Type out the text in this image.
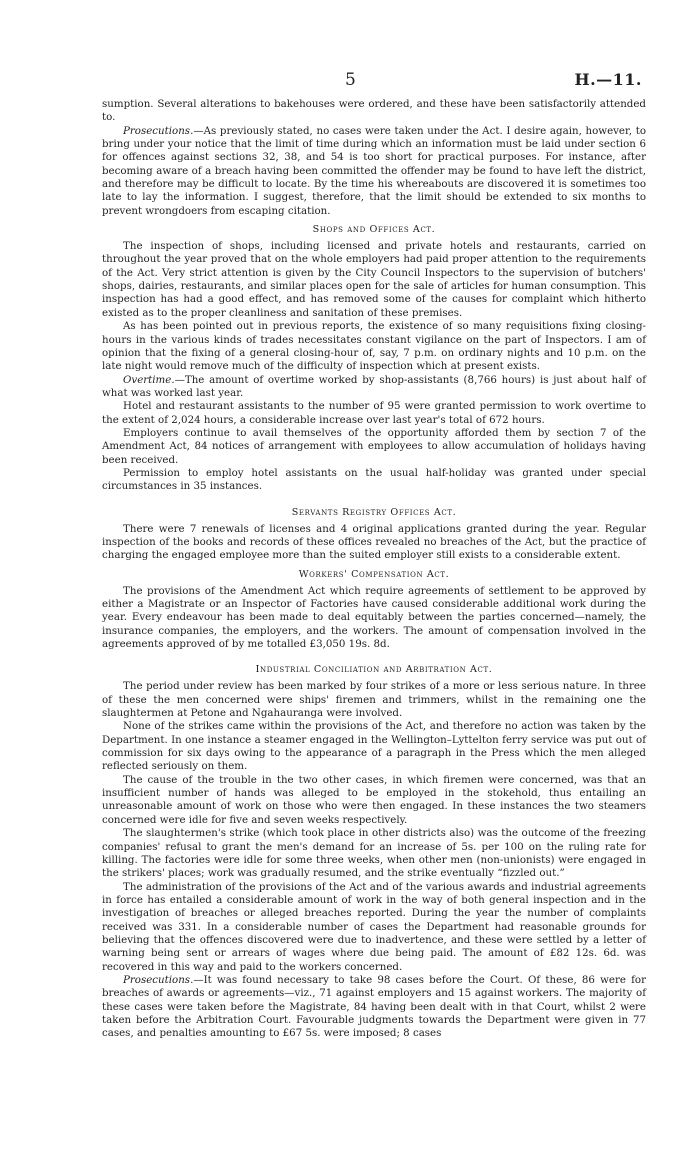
5	H.—11.

sumption. Several alterations to bakehouses were ordered, and these have been satisfactorily attended to.

Prosecutions.—As previously stated, no cases were taken under the Act. I desire again, however, to bring under your notice that the limit of time during which an information must be laid under section 6 for offences against sections 32, 38, and 54 is too short for practical purposes. For instance, after becoming aware of a breach having been committed the offender may be found to have left the district, and therefore may be difficult to locate. By the time his whereabouts are discovered it is sometimes too late to lay the information. I suggest, therefore, that the limit should be extended to six months to prevent wrongdoers from escaping citation.

Shops and Offices Act.

The inspection of shops, including licensed and private hotels and restaurants, carried on throughout the year proved that on the whole employers had paid proper attention to the requirements of the Act. Very strict attention is given by the City Council Inspectors to the supervision of butchers' shops, dairies, restaurants, and similar places open for the sale of articles for human consumption. This inspection has had a good effect, and has removed some of the causes for complaint which hitherto existed as to the proper cleanliness and sanitation of these premises.

As has been pointed out in previous reports, the existence of so many requisitions fixing closing-hours in the various kinds of trades necessitates constant vigilance on the part of Inspectors. I am of opinion that the fixing of a general closing-hour of, say, 7 p.m. on ordinary nights and 10 p.m. on the late night would remove much of the difficulty of inspection which at present exists.

Overtime.—The amount of overtime worked by shop-assistants (8,766 hours) is just about half of what was worked last year.

Hotel and restaurant assistants to the number of 95 were granted permission to work overtime to the extent of 2,024 hours, a considerable increase over last year's total of 672 hours.

Employers continue to avail themselves of the opportunity afforded them by section 7 of the Amendment Act, 84 notices of arrangement with employees to allow accumulation of holidays having been received.

Permission to employ hotel assistants on the usual half-holiday was granted under special circumstances in 35 instances.

Servants Registry Offices Act.

There were 7 renewals of licenses and 4 original applications granted during the year. Regular inspection of the books and records of these offices revealed no breaches of the Act, but the practice of charging the engaged employee more than the suited employer still exists to a considerable extent.

Workers' Compensation Act.

The provisions of the Amendment Act which require agreements of settlement to be approved by either a Magistrate or an Inspector of Factories have caused considerable additional work during the year. Every endeavour has been made to deal equitably between the parties concerned—namely, the insurance companies, the employers, and the workers. The amount of compensation involved in the agreements approved of by me totalled £3,050 19s. 8d.

Industrial Conciliation and Arbitration Act.

The period under review has been marked by four strikes of a more or less serious nature. In three of these the men concerned were ships' firemen and trimmers, whilst in the remaining one the slaughtermen at Petone and Ngahauranga were involved.

None of the strikes came within the provisions of the Act, and therefore no action was taken by the Department. In one instance a steamer engaged in the Wellington–Lyttelton ferry service was put out of commission for six days owing to the appearance of a paragraph in the Press which the men alleged reflected seriously on them.

The cause of the trouble in the two other cases, in which firemen were concerned, was that an insufficient number of hands was alleged to be employed in the stokehold, thus entailing an unreasonable amount of work on those who were then engaged. In these instances the two steamers concerned were idle for five and seven weeks respectively.

The slaughtermen's strike (which took place in other districts also) was the outcome of the freezing companies' refusal to grant the men's demand for an increase of 5s. per 100 on the ruling rate for killing. The factories were idle for some three weeks, when other men (non-unionists) were engaged in the strikers' places; work was gradually resumed, and the strike eventually “fizzled out.”

The administration of the provisions of the Act and of the various awards and industrial agreements in force has entailed a considerable amount of work in the way of both general inspection and in the investigation of breaches or alleged breaches reported. During the year the number of complaints received was 331. In a considerable number of cases the Department had reasonable grounds for believing that the offences discovered were due to inadvertence, and these were settled by a letter of warning being sent or arrears of wages where due being paid. The amount of £82 12s. 6d. was recovered in this way and paid to the workers concerned.

Prosecutions.—It was found necessary to take 98 cases before the Court. Of these, 86 were for breaches of awards or agreements—viz., 71 against employers and 15 against workers. The majority of these cases were taken before the Magistrate, 84 having been dealt with in that Court, whilst 2 were taken before the Arbitration Court. Favourable judgments towards the Department were given in 77 cases, and penalties amounting to £67 5s. were imposed; 8 cases
